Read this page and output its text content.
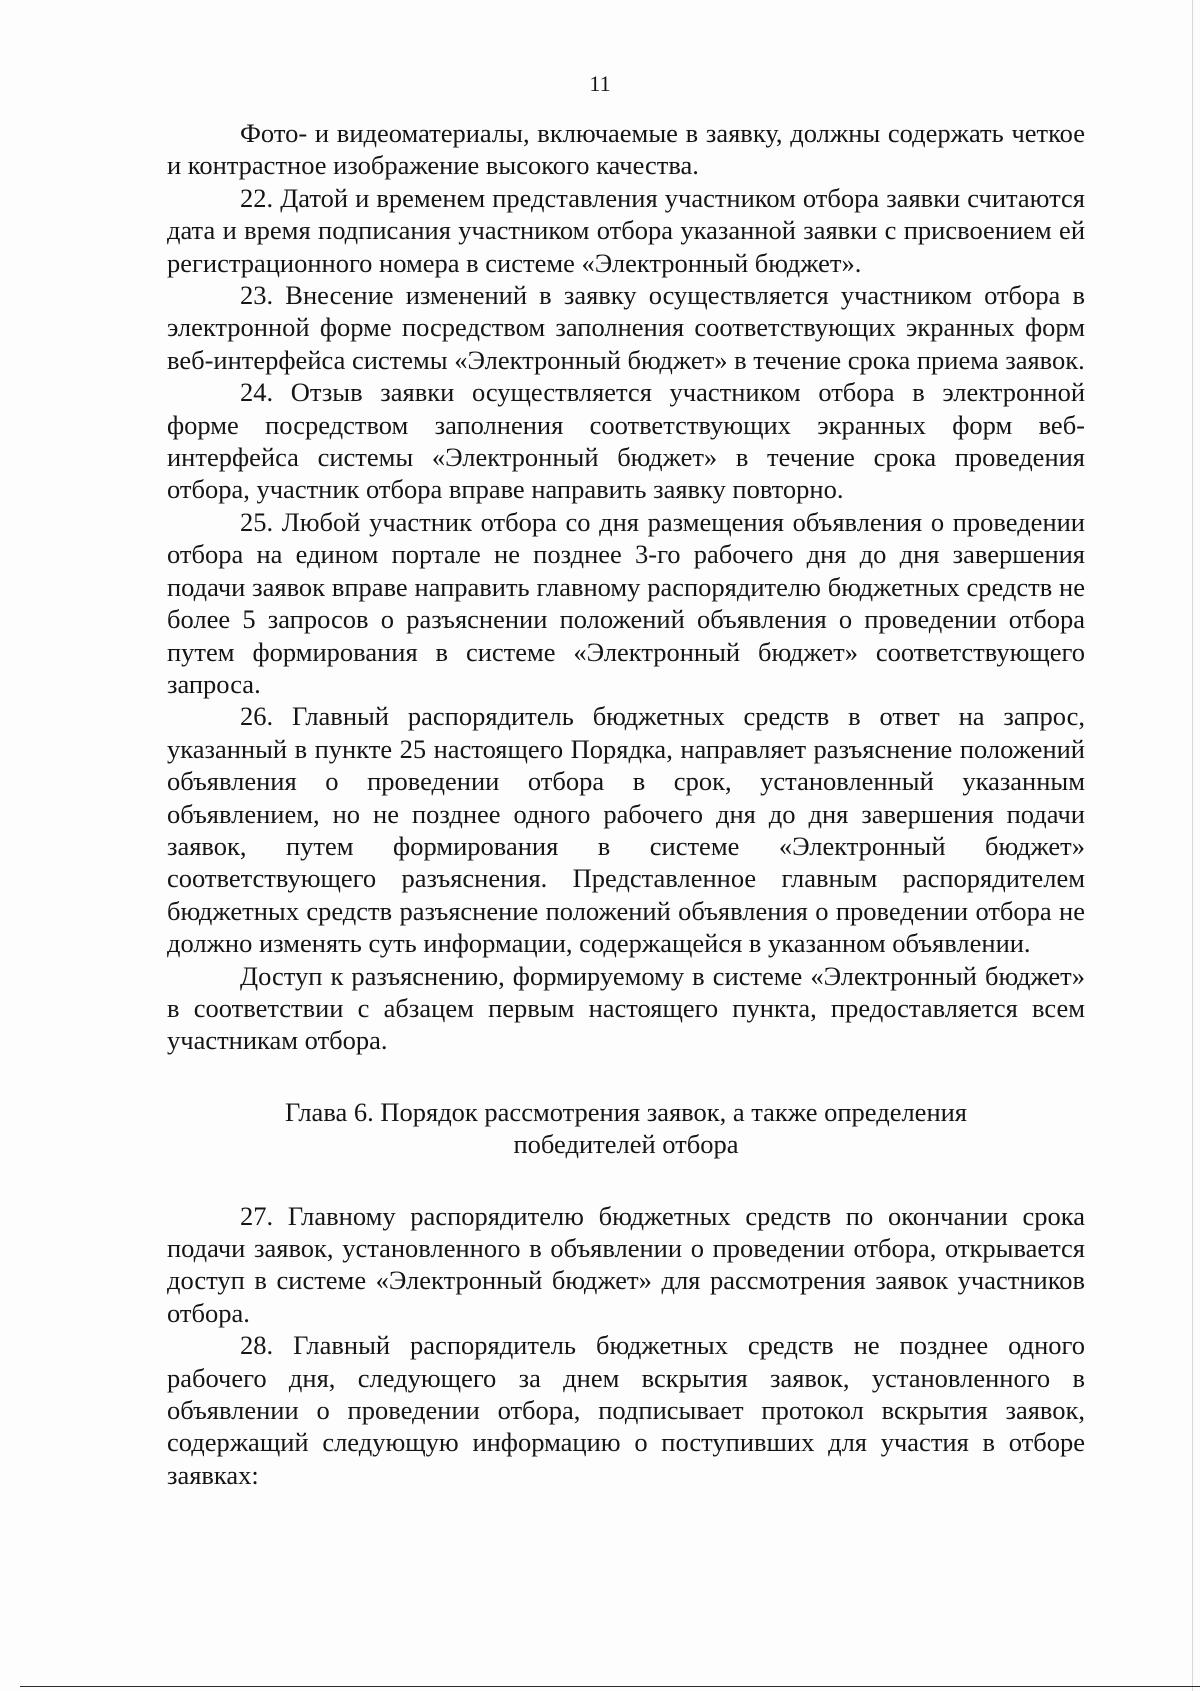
11

Фото- и видеоматериалы, включаемые в заявку, должны содержать четкое и контрастное изображение высокого качества.

22. Датой и временем представления участником отбора заявки считаются дата и время подписания участником отбора указанной заявки с присвоением ей регистрационного номера в системе «Электронный бюджет».

23. Внесение изменений в заявку осуществляется участником отбора в электронной форме посредством заполнения соответствующих экранных форм веб-интерфейса системы «Электронный бюджет» в течение срока приема заявок.

24. Отзыв заявки осуществляется участником отбора в электронной форме посредством заполнения соответствующих экранных форм веб-интерфейса системы «Электронный бюджет» в течение срока проведения отбора, участник отбора вправе направить заявку повторно.

25. Любой участник отбора со дня размещения объявления о проведении отбора на едином портале не позднее 3-го рабочего дня до дня завершения подачи заявок вправе направить главному распорядителю бюджетных средств не более 5 запросов о разъяснении положений объявления о проведении отбора путем формирования в системе «Электронный бюджет» соответствующего запроса.

26. Главный распорядитель бюджетных средств в ответ на запрос, указанный в пункте 25 настоящего Порядка, направляет разъяснение положений объявления о проведении отбора в срок, установленный указанным объявлением, но не позднее одного рабочего дня до дня завершения подачи заявок, путем формирования в системе «Электронный бюджет» соответствующего разъяснения. Представленное главным распорядителем бюджетных средств разъяснение положений объявления о проведении отбора не должно изменять суть информации, содержащейся в указанном объявлении.

Доступ к разъяснению, формируемому в системе «Электронный бюджет» в соответствии с абзацем первым настоящего пункта, предоставляется всем участникам отбора.

Глава 6. Порядок рассмотрения заявок, а также определения
победителей отбора

27. Главному распорядителю бюджетных средств по окончании срока подачи заявок, установленного в объявлении о проведении отбора, открывается доступ в системе «Электронный бюджет» для рассмотрения заявок участников отбора.

28. Главный распорядитель бюджетных средств не позднее одного рабочего дня, следующего за днем вскрытия заявок, установленного в объявлении о проведении отбора, подписывает протокол вскрытия заявок, содержащий следующую информацию о поступивших для участия в отборе заявках:
